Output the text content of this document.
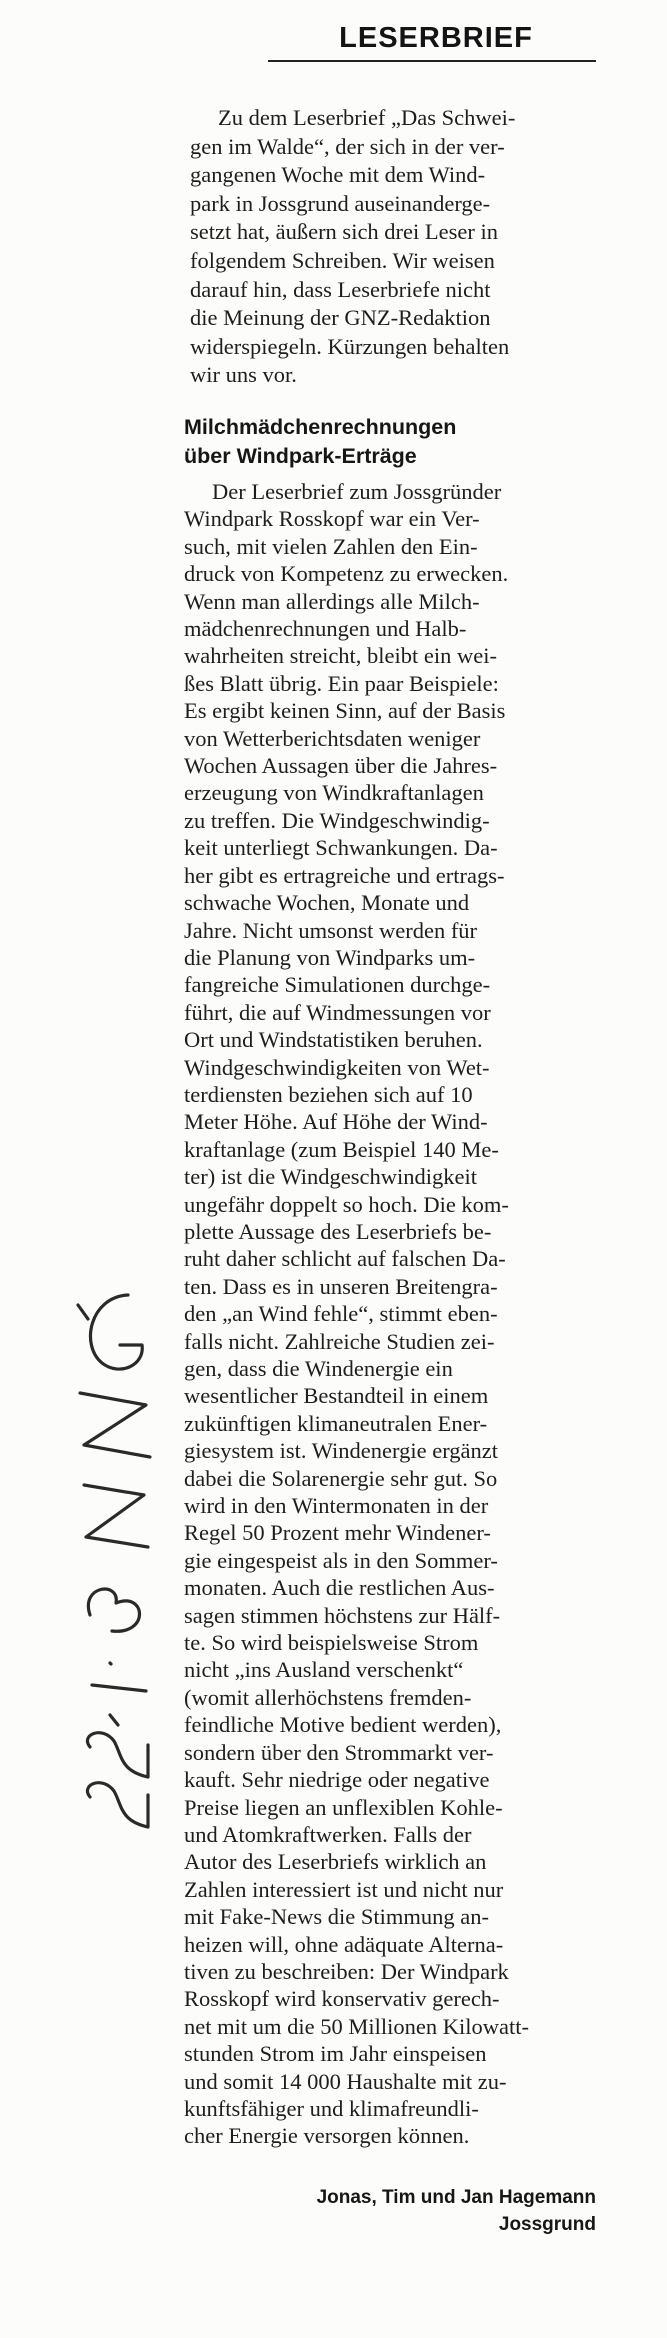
LESERBRIEF
Zu dem Leserbrief „Das Schwei-
gen im Walde“, der sich in der ver-
gangenen Woche mit dem Wind-
park in Jossgrund auseinanderge-
setzt hat, äußern sich drei Leser in
folgendem Schreiben. Wir weisen
darauf hin, dass Leserbriefe nicht
die Meinung der GNZ-Redaktion
widerspiegeln. Kürzungen behalten
wir uns vor.
Milchmädchenrechnungen
über Windpark-Erträge
Der Leserbrief zum Jossgründer
Windpark Rosskopf war ein Ver-
such, mit vielen Zahlen den Ein-
druck von Kompetenz zu erwecken.
Wenn man allerdings alle Milch-
mädchenrechnungen und Halb-
wahrheiten streicht, bleibt ein wei-
ßes Blatt übrig. Ein paar Beispiele:
Es ergibt keinen Sinn, auf der Basis
von Wetterberichtsdaten weniger
Wochen Aussagen über die Jahres-
erzeugung von Windkraftanlagen
zu treffen. Die Windgeschwindig-
keit unterliegt Schwankungen. Da-
her gibt es ertragreiche und ertrags-
schwache Wochen, Monate und
Jahre. Nicht umsonst werden für
die Planung von Windparks um-
fangreiche Simulationen durchge-
führt, die auf Windmessungen vor
Ort und Windstatistiken beruhen.
Windgeschwindigkeiten von Wet-
terdiensten beziehen sich auf 10
Meter Höhe. Auf Höhe der Wind-
kraftanlage (zum Beispiel 140 Me-
ter) ist die Windgeschwindigkeit
ungefähr doppelt so hoch. Die kom-
plette Aussage des Leserbriefs be-
ruht daher schlicht auf falschen Da-
ten. Dass es in unseren Breitengra-
den „an Wind fehle“, stimmt eben-
falls nicht. Zahlreiche Studien zei-
gen, dass die Windenergie ein
wesentlicher Bestandteil in einem
zukünftigen klimaneutralen Ener-
giesystem ist. Windenergie ergänzt
dabei die Solarenergie sehr gut. So
wird in den Wintermonaten in der
Regel 50 Prozent mehr Windener-
gie eingespeist als in den Sommer-
monaten. Auch die restlichen Aus-
sagen stimmen höchstens zur Hälf-
te. So wird beispielsweise Strom
nicht „ins Ausland verschenkt“
(womit allerhöchstens fremden-
feindliche Motive bedient werden),
sondern über den Strommarkt ver-
kauft. Sehr niedrige oder negative
Preise liegen an unflexiblen Kohle-
und Atomkraftwerken. Falls der
Autor des Leserbriefs wirklich an
Zahlen interessiert ist und nicht nur
mit Fake-News die Stimmung an-
heizen will, ohne adäquate Alterna-
tiven zu beschreiben: Der Windpark
Rosskopf wird konservativ gerech-
net mit um die 50 Millionen Kilowatt-
stunden Strom im Jahr einspeisen
und somit 14 000 Haushalte mit zu-
kunftsfähiger und klimafreundli-
cher Energie versorgen können.
Jonas, Tim und Jan Hagemann
Jossgrund
